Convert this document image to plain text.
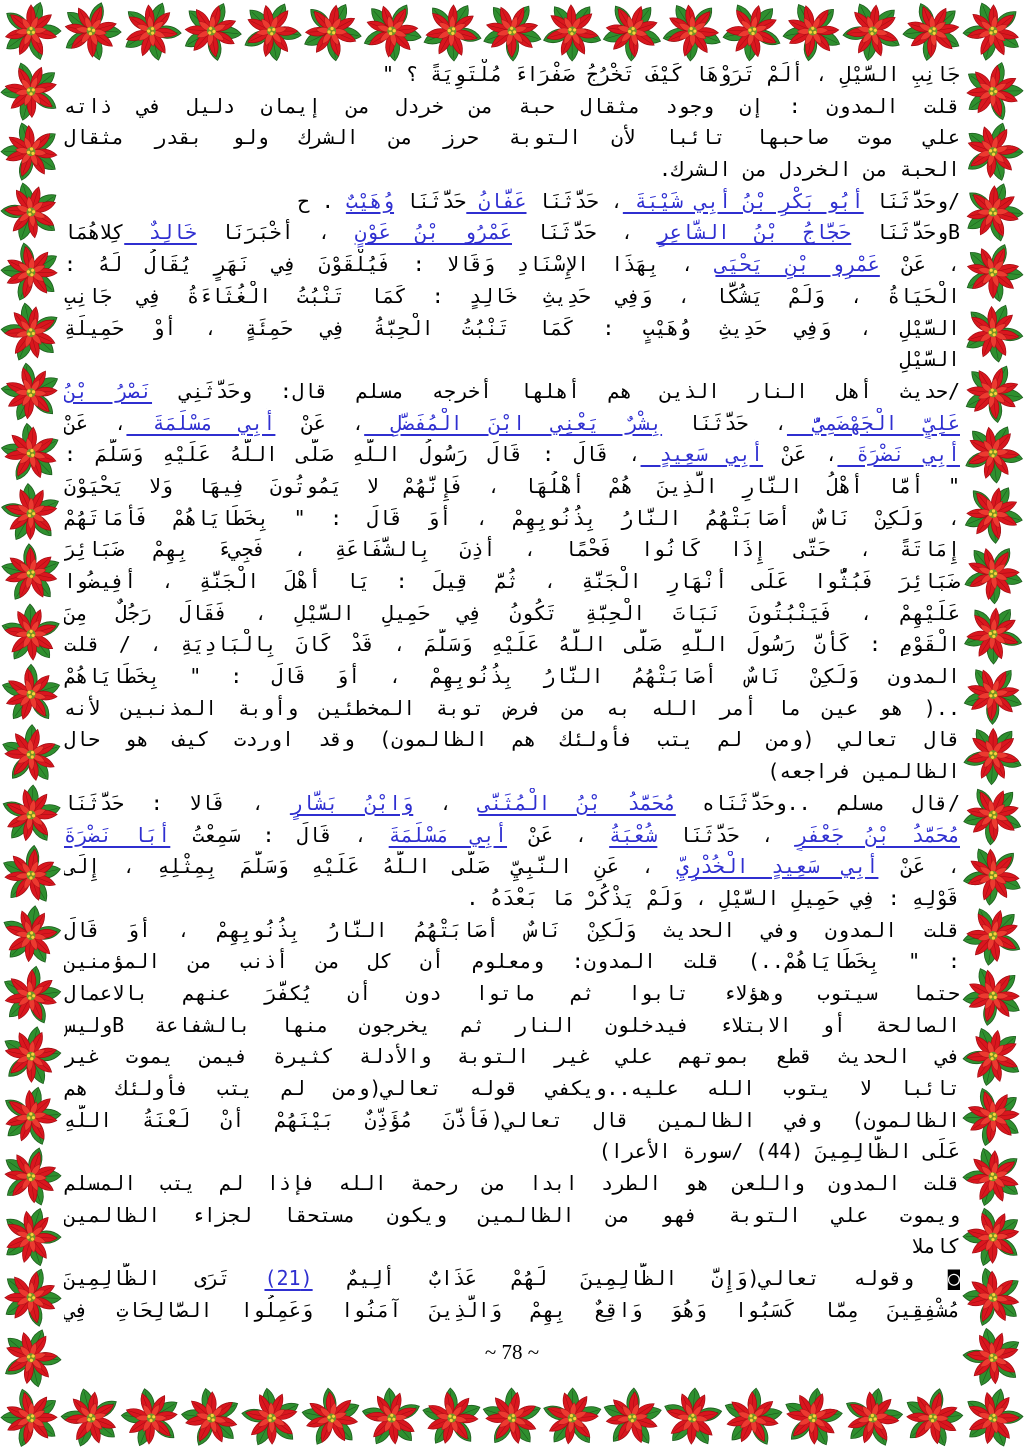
جَانِبِ السَّيْلِ ، أَلَمْ تَرَوْهَا كَيْفَ تَخْرُجُ صَفْرَاءَ مُلْتَوِيَةً ؟ "
قلت المدون : إن وجود مثقال حبة من خردل من إيمان دليل في ذاته
علي موت صاحبها تائبا لأن التوبة حرز من الشرك ولو بقدر مثقال
الحبة من الخردل من الشرك.
/وحَدَّثَنَا أَبُو بَكْرِ بْنُ أَبِي شَيْبَةَ ، حَدَّثَنَا عَفَّانُ حَدَّثَنَا وُهَيْبٌ . ح
Bوحَدَّثَنَا حَجَّاجُ بْنُ الشَّاعِرِ ، حَدَّثَنَا عَمْرُو بْنُ عَوْنٍ ، أَخْبَرَنَا خَالِدٌ كِلاهُمَا
، عَنْ عَمْرِو بْنِ يَحْيَى ، بِهَذَا الإِسْنَادِ وَقَالا : فَيُلْقَوْنَ فِي نَهَرٍ يُقَالُ لَهُ :
الْحَيَاةُ ، وَلَمْ يَشُكَّا ، وَفِي حَدِيثِ خَالِدٍ : كَمَا تَنْبُتُ الْغُثَاءَةُ فِي جَانِبِ
السَّيْلِ ، وَفِي حَدِيثِ وُهَيْبٍ : كَمَا تَنْبُتُ الْحِبَّةُ فِي حَمِئَةٍ ، أَوْ حَمِيلَةِ
السَّيْلِ
/حديث أهل النار الذين هم أهلها أخرجه مسلم قال: وحَدَّثَنِي نَصْرُ بْنُ
عَلِيٍّ الْجَهْضَمِيُّ ، حَدَّثَنَا بِشْرٌ يَعْنِي ابْنَ الْمُفَضَّلِ ، عَنْ أَبِي مَسْلَمَةَ ، عَنْ
أَبِي نَضْرَةَ ، عَنْ أَبِي سَعِيدٍ ، قَالَ : قَالَ رَسُولُ اللَّهِ صَلَّى اللَّهُ عَلَيْهِ وَسَلَّمَ :
" أَمَّا أَهْلُ النَّارِ الَّذِينَ هُمْ أَهْلُهَا ، فَإِنَّهُمْ لا يَمُوتُونَ فِيهَا وَلا يَحْيَوْنَ
، وَلَكِنْ نَاسٌ أَصَابَتْهُمُ النَّارُ بِذُنُوبِهِمْ ، أَوَ قَالَ : " بِخَطَايَاهُمْ فَأَمَاتَهُمْ
إِمَاتَةً ، حَتَّى إِذَا كَانُوا فَحْمًا ، أُذِنَ بِالشَّفَاعَةِ ، فَجِيءَ بِهِمْ ضَبَائِرَ
ضَبَائِرَ فَبُثُّوا عَلَى أَنْهَارِ الْجَنَّةِ ، ثُمَّ قِيلَ : يَا أَهْلَ الْجَنَّةِ ، أَفِيضُوا
عَلَيْهِمْ ، فَيَنْبُتُونَ نَبَاتَ الْحِبَّةِ تَكُونُ فِي حَمِيلِ السَّيْلِ ، فَقَالَ رَجُلٌ مِنَ
الْقَوْمِ : كَأَنَّ رَسُولَ اللَّهِ صَلَّى اللَّهُ عَلَيْهِ وَسَلَّمَ ، قَدْ كَانَ بِالْبَادِيَةِ ، / قلت
المدون وَلَكِنْ نَاسٌ أَصَابَتْهُمُ النَّارُ بِذُنُوبِهِمْ ، أَوَ قَالَ : " بِخَطَايَاهُمْ
..( هو عين ما أمر الله به من فرض توبة المخطئين وأوبة المذنبين لأنه
قال تعالي (ومن لم يتب فأولئك هم الظالمون) وقد اوردت كيف هو حال
الظالمين فراجعه)
/قال مسلم ..وحَدَّثَنَاه مُحَمَّدُ بْنُ الْمُثَنَّى ، وَابْنُ بَشَّارٍ ، قَالا : حَدَّثَنَا
مُحَمَّدُ بْنُ جَعْفَرٍ ، حَدَّثَنَا شُعْبَةُ ، عَنْ أَبِي مَسْلَمَةَ ، قَالَ : سَمِعْتُ أَبَا نَضْرَةَ
، عَنْ أَبِي سَعِيدٍ الْخُدْرِيِّ ، عَنِ النَّبِيِّ صَلَّى اللَّهُ عَلَيْهِ وَسَلَّمَ بِمِثْلِهِ ، إِلَى
قَوْلِهِ : فِي حَمِيلِ السَّيْلِ ، وَلَمْ يَذْكُرْ مَا بَعْدَهُ .
قلت المدون وفي الحديث وَلَكِنْ نَاسٌ أَصَابَتْهُمُ النَّارُ بِذُنُوبِهِمْ ، أَوَ قَالَ
: " بِخَطَايَاهُمْ..) قلت المدون: ومعلوم أن كل من أذنب من المؤمنين
حتما سيتوب وهؤلاء تابوا ثم ماتوا دون أن يُكفَّرَ عنهم بالاعمال
الصالحة أو الابتلاء فيدخلون النار ثم يخرجون منها بالشفاعة Bوليس
في الحديث قطع بموتهم علي غير التوبة والأدلة كثيرة فيمن يموت غير
تائبا لا يتوب الله عليه..ويكفي قوله تعالي(ومن لم يتب فأولئك هم
الظالمون) وفي الظالمين قال تعالي(فَأَذَّنَ مُؤَذِّنٌ بَيْنَهُمْ أَنْ لَعْنَةُ اللَّهِ
عَلَى الظَّالِمِينَ (44) /سورة الأعرا)
قلت المدون واللعن هو الطرد ابدا من رحمة الله فإذا لم يتب المسلم
ويموت علي التوبة فهو من الظالمين ويكون مستحقا لجزاء الظالمين
كاملا
◙ وقوله تعالي(وَإِنَّ الظَّالِمِينَ لَهُمْ عَذَابٌ أَلِيمٌ (21) تَرَى الظَّالِمِينَ
مُشْفِقِينَ مِمَّا كَسَبُوا وَهُوَ وَاقِعٌ بِهِمْ وَالَّذِينَ آمَنُوا وَعَمِلُوا الصَّالِحَاتِ فِي
~ 78 ~
